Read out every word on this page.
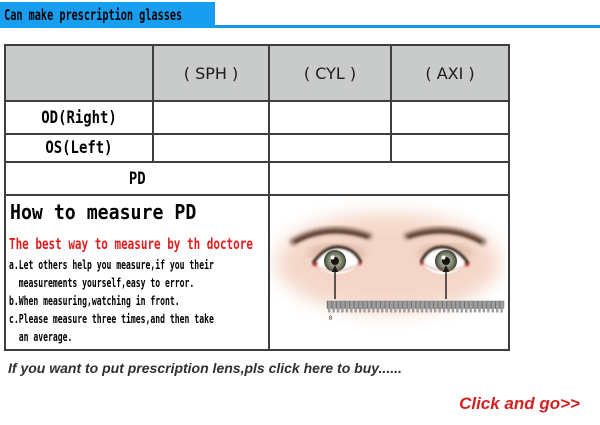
Can make prescription glasses
	( SPH )	( CYL )	( AXI )
OD(Right)			
OS(Left)			
PD			

How to measure PD
The best way to measure by th doctore
a.Let others help you measure,if you their
measurements yourself,easy to error.
b.When measuring,watching in front.
c.Please measure three times,and then take
an average.

0
If you want to put prescription lens,pls click here to buy......
Click and go>>
